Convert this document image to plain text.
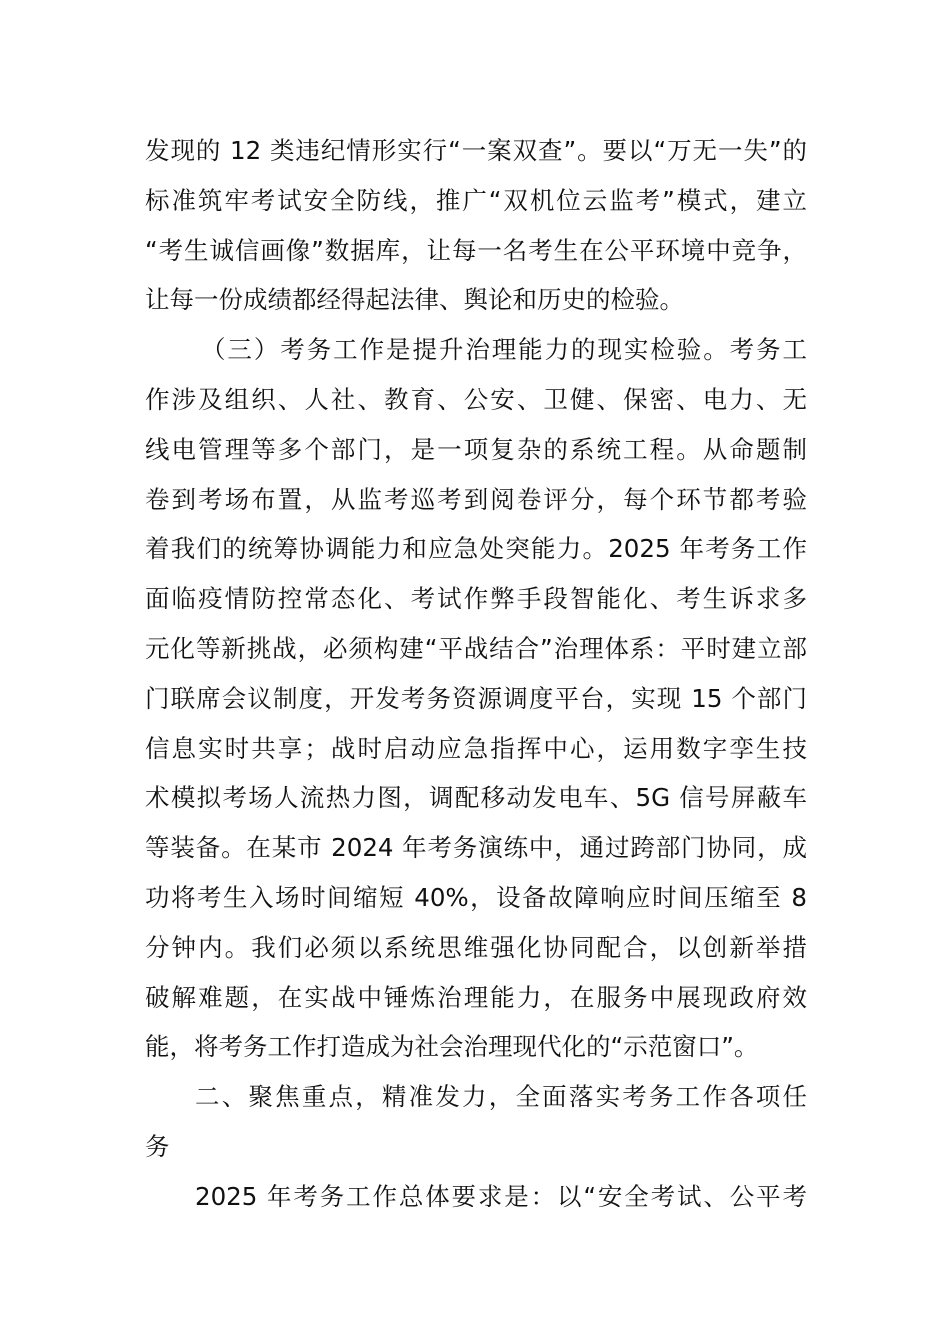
发现的 12 类违纪情形实行“一案双查”。要以“万无一失”的
标准筑牢考试安全防线，推广“双机位云监考”模式，建立
“考生诚信画像”数据库，让每一名考生在公平环境中竞争，
让每一份成绩都经得起法律、舆论和历史的检验。

（三）考务工作是提升治理能力的现实检验。考务工
作涉及组织、人社、教育、公安、卫健、保密、电力、无
线电管理等多个部门，是一项复杂的系统工程。从命题制
卷到考场布置，从监考巡考到阅卷评分，每个环节都考验
着我们的统筹协调能力和应急处突能力。2025 年考务工作
面临疫情防控常态化、考试作弊手段智能化、考生诉求多
元化等新挑战，必须构建“平战结合”治理体系：平时建立部
门联席会议制度，开发考务资源调度平台，实现 15 个部门
信息实时共享；战时启动应急指挥中心，运用数字孪生技
术模拟考场人流热力图，调配移动发电车、5G 信号屏蔽车
等装备。在某市 2024 年考务演练中，通过跨部门协同，成
功将考生入场时间缩短 40%，设备故障响应时间压缩至 8
分钟内。我们必须以系统思维强化协同配合，以创新举措
破解难题，在实战中锤炼治理能力，在服务中展现政府效
能，将考务工作打造成为社会治理现代化的“示范窗口”。

二、聚焦重点，精准发力，全面落实考务工作各项任
务

2025 年考务工作总体要求是：以“安全考试、公平考
